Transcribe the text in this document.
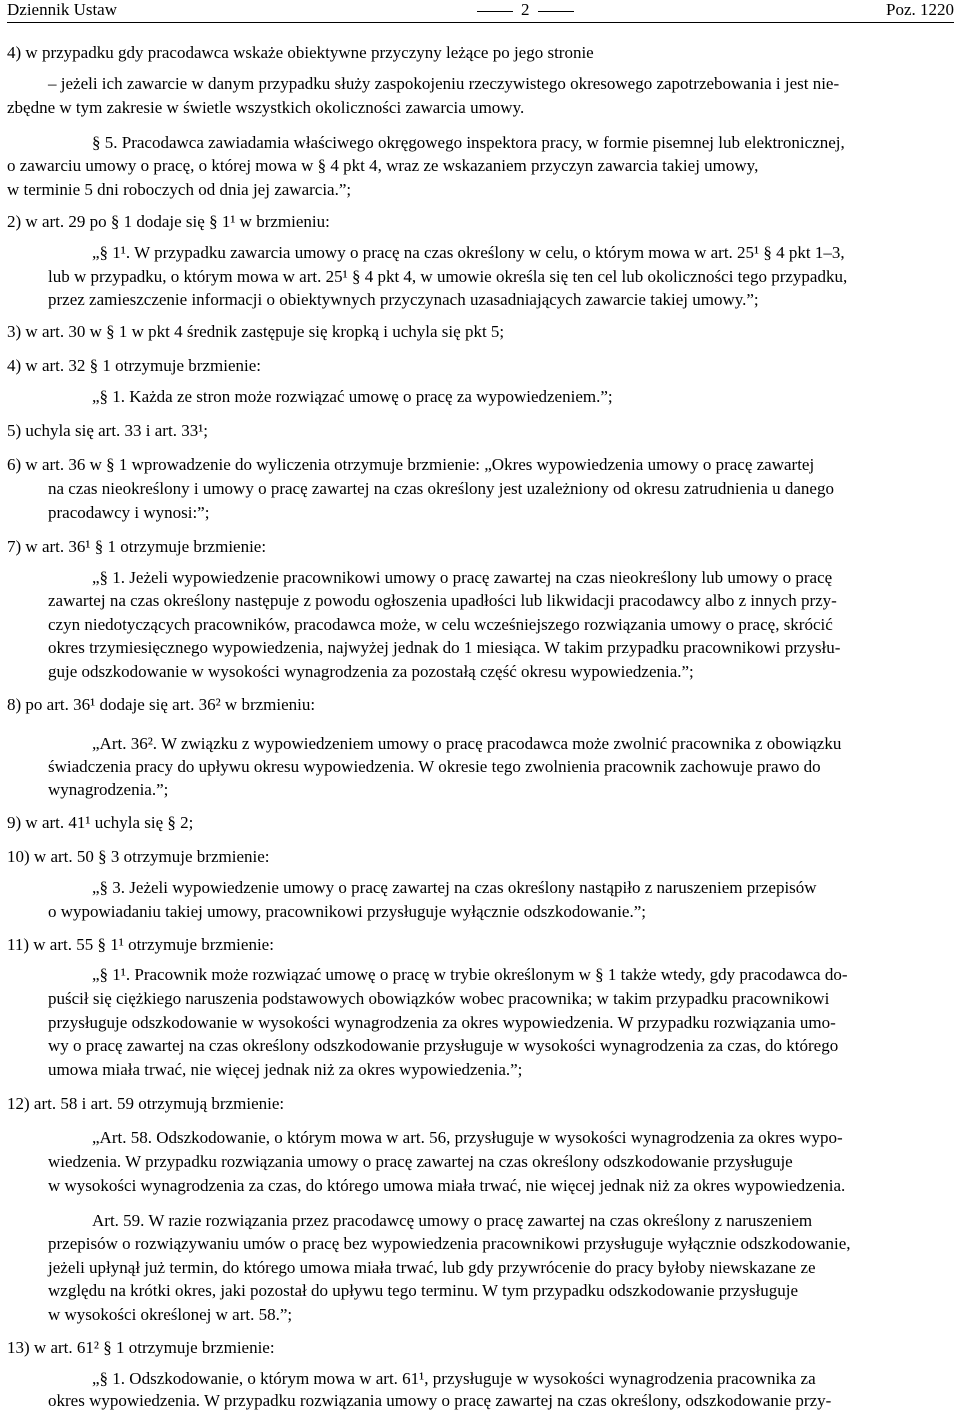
Dziennik Ustaw	2	Poz. 1220
4) w przypadku gdy pracodawca wskaże obiektywne przyczyny leżące po jego stronie
– jeżeli ich zawarcie w danym przypadku służy zaspokojeniu rzeczywistego okresowego zapotrzebowania i jest nie-
zbędne w tym zakresie w świetle wszystkich okoliczności zawarcia umowy.
§ 5. Pracodawca zawiadamia właściwego okręgowego inspektora pracy, w formie pisemnej lub elektronicznej,
o zawarciu umowy o pracę, o której mowa w § 4 pkt 4, wraz ze wskazaniem przyczyn zawarcia takiej umowy,
w terminie 5 dni roboczych od dnia jej zawarcia.”;
2) w art. 29 po § 1 dodaje się § 1¹ w brzmieniu:
„§ 1¹. W przypadku zawarcia umowy o pracę na czas określony w celu, o którym mowa w art. 25¹ § 4 pkt 1–3,
lub w przypadku, o którym mowa w art. 25¹ § 4 pkt 4, w umowie określa się ten cel lub okoliczności tego przypadku,
przez zamieszczenie informacji o obiektywnych przyczynach uzasadniających zawarcie takiej umowy.”;
3) w art. 30 w § 1 w pkt 4 średnik zastępuje się kropką i uchyla się pkt 5;
4) w art. 32 § 1 otrzymuje brzmienie:
„§ 1. Każda ze stron może rozwiązać umowę o pracę za wypowiedzeniem.”;
5) uchyla się art. 33 i art. 33¹;
6) w art. 36 w § 1 wprowadzenie do wyliczenia otrzymuje brzmienie: „Okres wypowiedzenia umowy o pracę zawartej
na czas nieokreślony i umowy o pracę zawartej na czas określony jest uzależniony od okresu zatrudnienia u danego
pracodawcy i wynosi:”;
7) w art. 36¹ § 1 otrzymuje brzmienie:
„§ 1. Jeżeli wypowiedzenie pracownikowi umowy o pracę zawartej na czas nieokreślony lub umowy o pracę
zawartej na czas określony następuje z powodu ogłoszenia upadłości lub likwidacji pracodawcy albo z innych przy-
czyn niedotyczących pracowników, pracodawca może, w celu wcześniejszego rozwiązania umowy o pracę, skrócić
okres trzymiesięcznego wypowiedzenia, najwyżej jednak do 1 miesiąca. W takim przypadku pracownikowi przysłu-
guje odszkodowanie w wysokości wynagrodzenia za pozostałą część okresu wypowiedzenia.”;
8) po art. 36¹ dodaje się art. 36² w brzmieniu:
„Art. 36². W związku z wypowiedzeniem umowy o pracę pracodawca może zwolnić pracownika z obowiązku
świadczenia pracy do upływu okresu wypowiedzenia. W okresie tego zwolnienia pracownik zachowuje prawo do
wynagrodzenia.”;
9) w art. 41¹ uchyla się § 2;
10) w art. 50 § 3 otrzymuje brzmienie:
„§ 3. Jeżeli wypowiedzenie umowy o pracę zawartej na czas określony nastąpiło z naruszeniem przepisów
o wypowiadaniu takiej umowy, pracownikowi przysługuje wyłącznie odszkodowanie.”;
11) w art. 55 § 1¹ otrzymuje brzmienie:
„§ 1¹. Pracownik może rozwiązać umowę o pracę w trybie określonym w § 1 także wtedy, gdy pracodawca do-
puścił się ciężkiego naruszenia podstawowych obowiązków wobec pracownika; w takim przypadku pracownikowi
przysługuje odszkodowanie w wysokości wynagrodzenia za okres wypowiedzenia. W przypadku rozwiązania umo-
wy o pracę zawartej na czas określony odszkodowanie przysługuje w wysokości wynagrodzenia za czas, do którego
umowa miała trwać, nie więcej jednak niż za okres wypowiedzenia.”;
12) art. 58 i art. 59 otrzymują brzmienie:
„Art. 58. Odszkodowanie, o którym mowa w art. 56, przysługuje w wysokości wynagrodzenia za okres wypo-
wiedzenia. W przypadku rozwiązania umowy o pracę zawartej na czas określony odszkodowanie przysługuje
w wysokości wynagrodzenia za czas, do którego umowa miała trwać, nie więcej jednak niż za okres wypowiedzenia.
Art. 59. W razie rozwiązania przez pracodawcę umowy o pracę zawartej na czas określony z naruszeniem
przepisów o rozwiązywaniu umów o pracę bez wypowiedzenia pracownikowi przysługuje wyłącznie odszkodowanie,
jeżeli upłynął już termin, do którego umowa miała trwać, lub gdy przywrócenie do pracy byłoby niewskazane ze
względu na krótki okres, jaki pozostał do upływu tego terminu. W tym przypadku odszkodowanie przysługuje
w wysokości określonej w art. 58.”;
13) w art. 61² § 1 otrzymuje brzmienie:
„§ 1. Odszkodowanie, o którym mowa w art. 61¹, przysługuje w wysokości wynagrodzenia pracownika za
okres wypowiedzenia. W przypadku rozwiązania umowy o pracę zawartej na czas określony, odszkodowanie przy-
